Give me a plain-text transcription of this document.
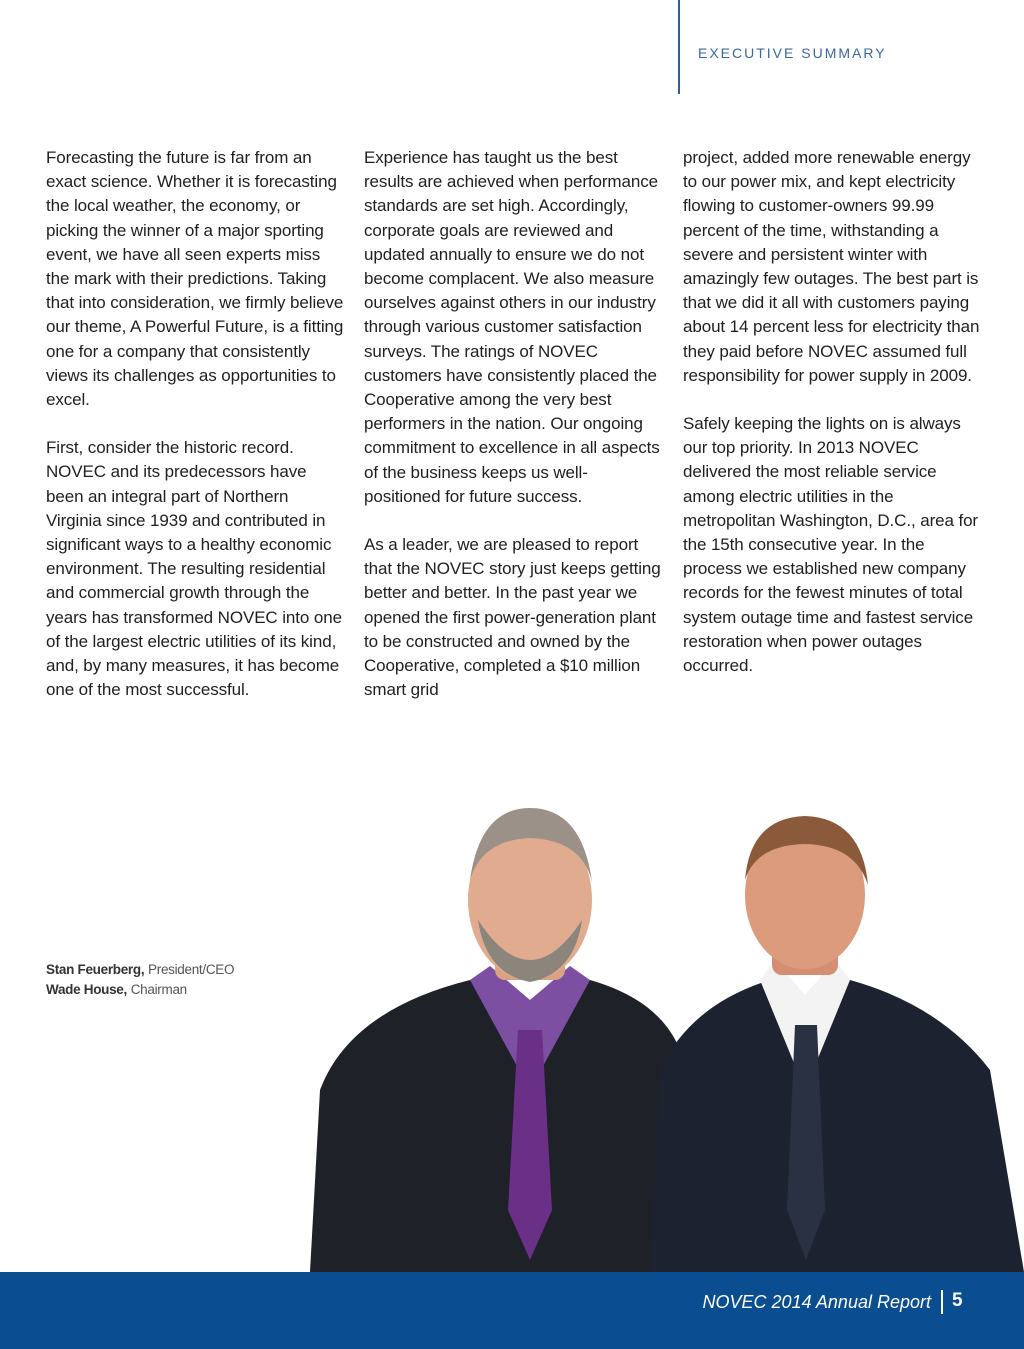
EXECUTIVE SUMMARY

Forecasting the future is far from an exact science. Whether it is forecasting the local weather, the economy, or picking the winner of a major sporting event, we have all seen experts miss the mark with their predictions. Taking that into consideration, we firmly believe our theme, A Powerful Future, is a fitting one for a company that consistently views its challenges as opportunities to excel.

First, consider the historic record. NOVEC and its predecessors have been an integral part of Northern Virginia since 1939 and contributed in significant ways to a healthy economic environment. The resulting residential and commercial growth through the years has transformed NOVEC into one of the largest electric utilities of its kind, and, by many measures, it has become one of the most successful.

Experience has taught us the best results are achieved when performance standards are set high. Accordingly, corporate goals are reviewed and updated annually to ensure we do not become complacent. We also measure ourselves against others in our industry through various customer satisfaction surveys. The ratings of NOVEC customers have consistently placed the Cooperative among the very best performers in the nation. Our ongoing commitment to excellence in all aspects of the business keeps us well-positioned for future success.

As a leader, we are pleased to report that the NOVEC story just keeps getting better and better. In the past year we opened the first power-generation plant to be constructed and owned by the Cooperative, completed a $10 million smart grid

project, added more renewable energy to our power mix, and kept electricity flowing to customer-owners 99.99 percent of the time, withstanding a severe and persistent winter with amazingly few outages. The best part is that we did it all with customers paying about 14 percent less for electricity than they paid before NOVEC assumed full responsibility for power supply in 2009.

Safely keeping the lights on is always our top priority. In 2013 NOVEC delivered the most reliable service among electric utilities in the metropolitan Washington, D.C., area for the 15th consecutive year. In the process we established new company records for the fewest minutes of total system outage time and fastest service restoration when power outages occurred.

Stan Feuerberg, President/CEO
Wade House, Chairman
NOVEC 2014 Annual Report 5
